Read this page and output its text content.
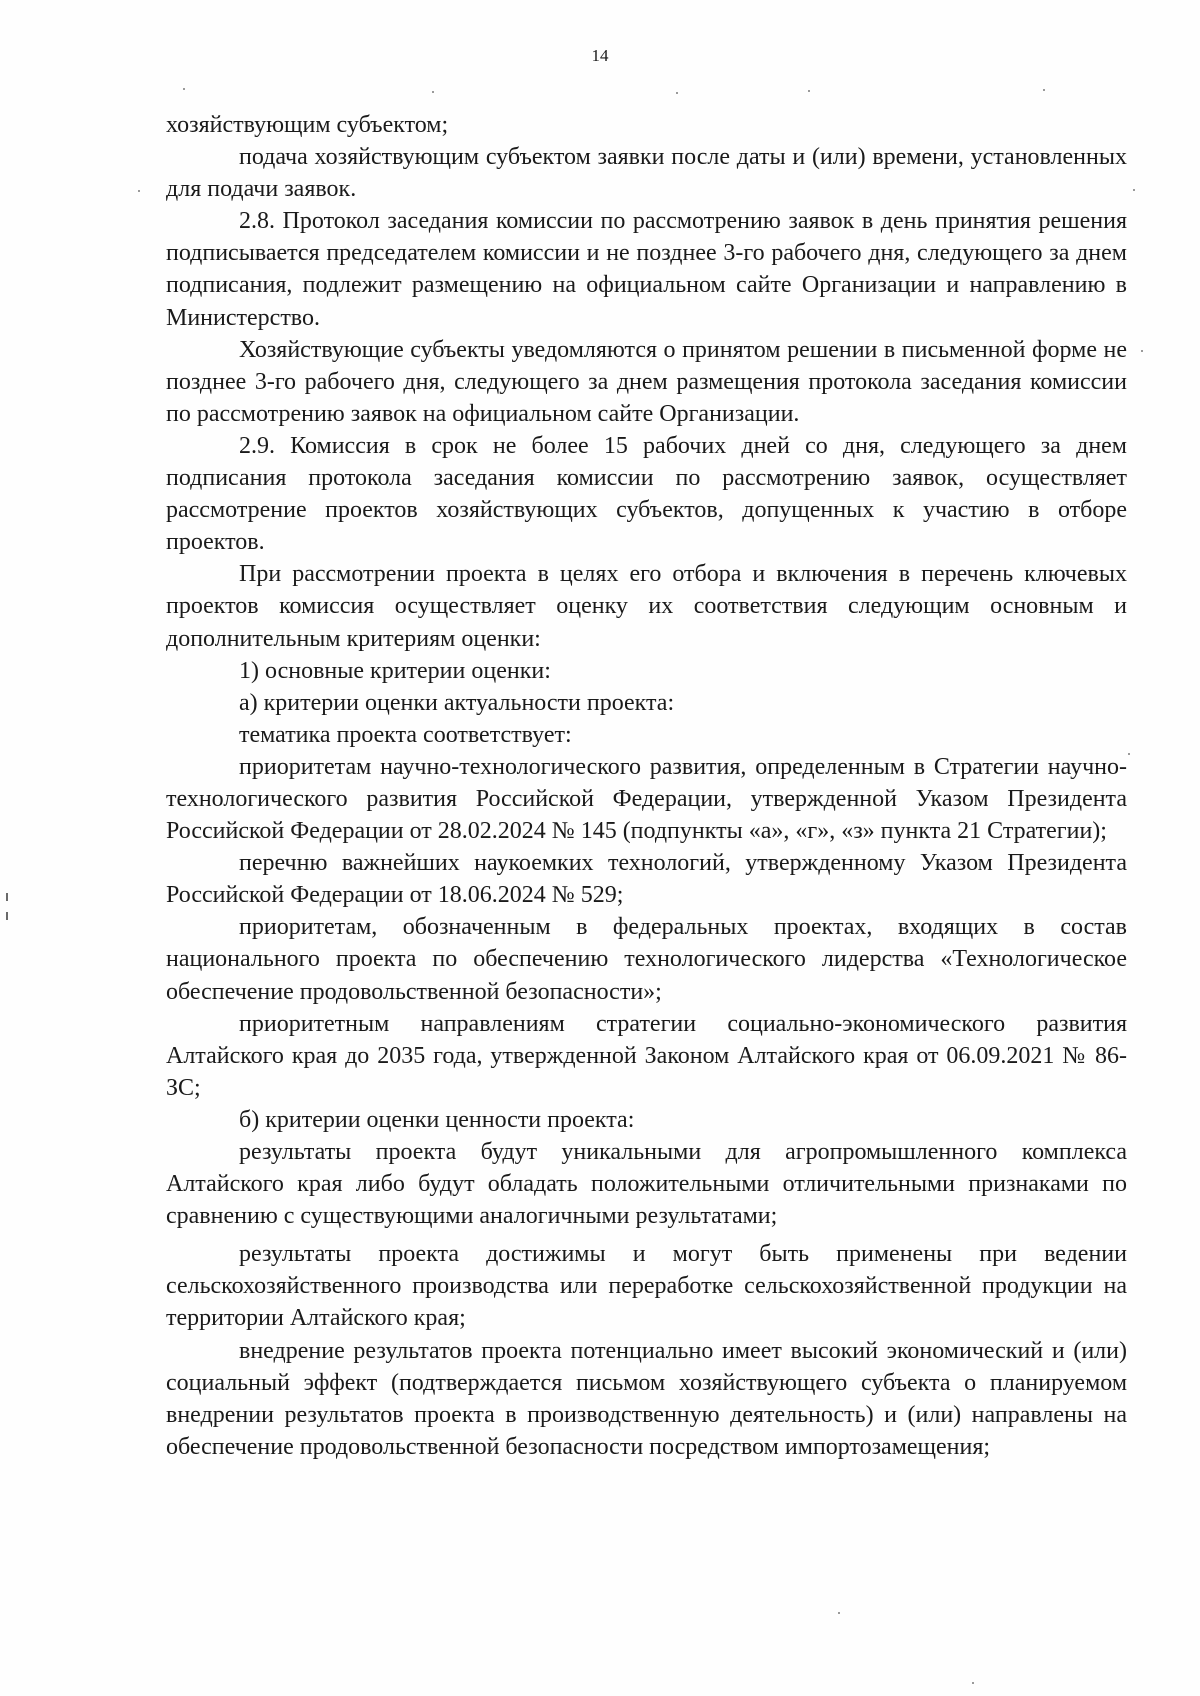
14

хозяйствующим субъектом;

подача хозяйствующим субъектом заявки после даты и (или) времени, установленных для подачи заявок.

2.8. Протокол заседания комиссии по рассмотрению заявок в день принятия решения подписывается председателем комиссии и не позднее 3-го рабочего дня, следующего за днем подписания, подлежит размещению на официальном сайте Организации и направлению в Министерство.

Хозяйствующие субъекты уведомляются о принятом решении в письменной форме не позднее 3-го рабочего дня, следующего за днем размещения протокола заседания комиссии по рассмотрению заявок на официальном сайте Организации.

2.9. Комиссия в срок не более 15 рабочих дней со дня, следующего за днем подписания протокола заседания комиссии по рассмотрению заявок, осуществляет рассмотрение проектов хозяйствующих субъектов, допущенных к участию в отборе проектов.

При рассмотрении проекта в целях его отбора и включения в перечень ключевых проектов комиссия осуществляет оценку их соответствия следующим основным и дополнительным критериям оценки:

1) основные критерии оценки:

а) критерии оценки актуальности проекта:

тематика проекта соответствует:

приоритетам научно-технологического развития, определенным в Стратегии научно-технологического развития Российской Федерации, утвержденной Указом Президента Российской Федерации от 28.02.2024 № 145 (подпункты «а», «г», «з» пункта 21 Стратегии);

перечню важнейших наукоемких технологий, утвержденному Указом Президента Российской Федерации от 18.06.2024 № 529;

приоритетам, обозначенным в федеральных проектах, входящих в состав национального проекта по обеспечению технологического лидерства «Технологическое обеспечение продовольственной безопасности»;

приоритетным направлениям стратегии социально-экономического развития Алтайского края до 2035 года, утвержденной Законом Алтайского края от 06.09.2021 № 86-ЗС;

б) критерии оценки ценности проекта:

результаты проекта будут уникальными для агропромышленного комплекса Алтайского края либо будут обладать положительными отличительными признаками по сравнению с существующими аналогичными результатами;

результаты проекта достижимы и могут быть применены при ведении сельскохозяйственного производства или переработке сельскохозяйственной продукции на территории Алтайского края;

внедрение результатов проекта потенциально имеет высокий экономический и (или) социальный эффект (подтверждается письмом хозяйствующего субъекта о планируемом внедрении результатов проекта в производственную деятельность) и (или) направлены на обеспечение продовольственной безопасности посредством импортозамещения;
